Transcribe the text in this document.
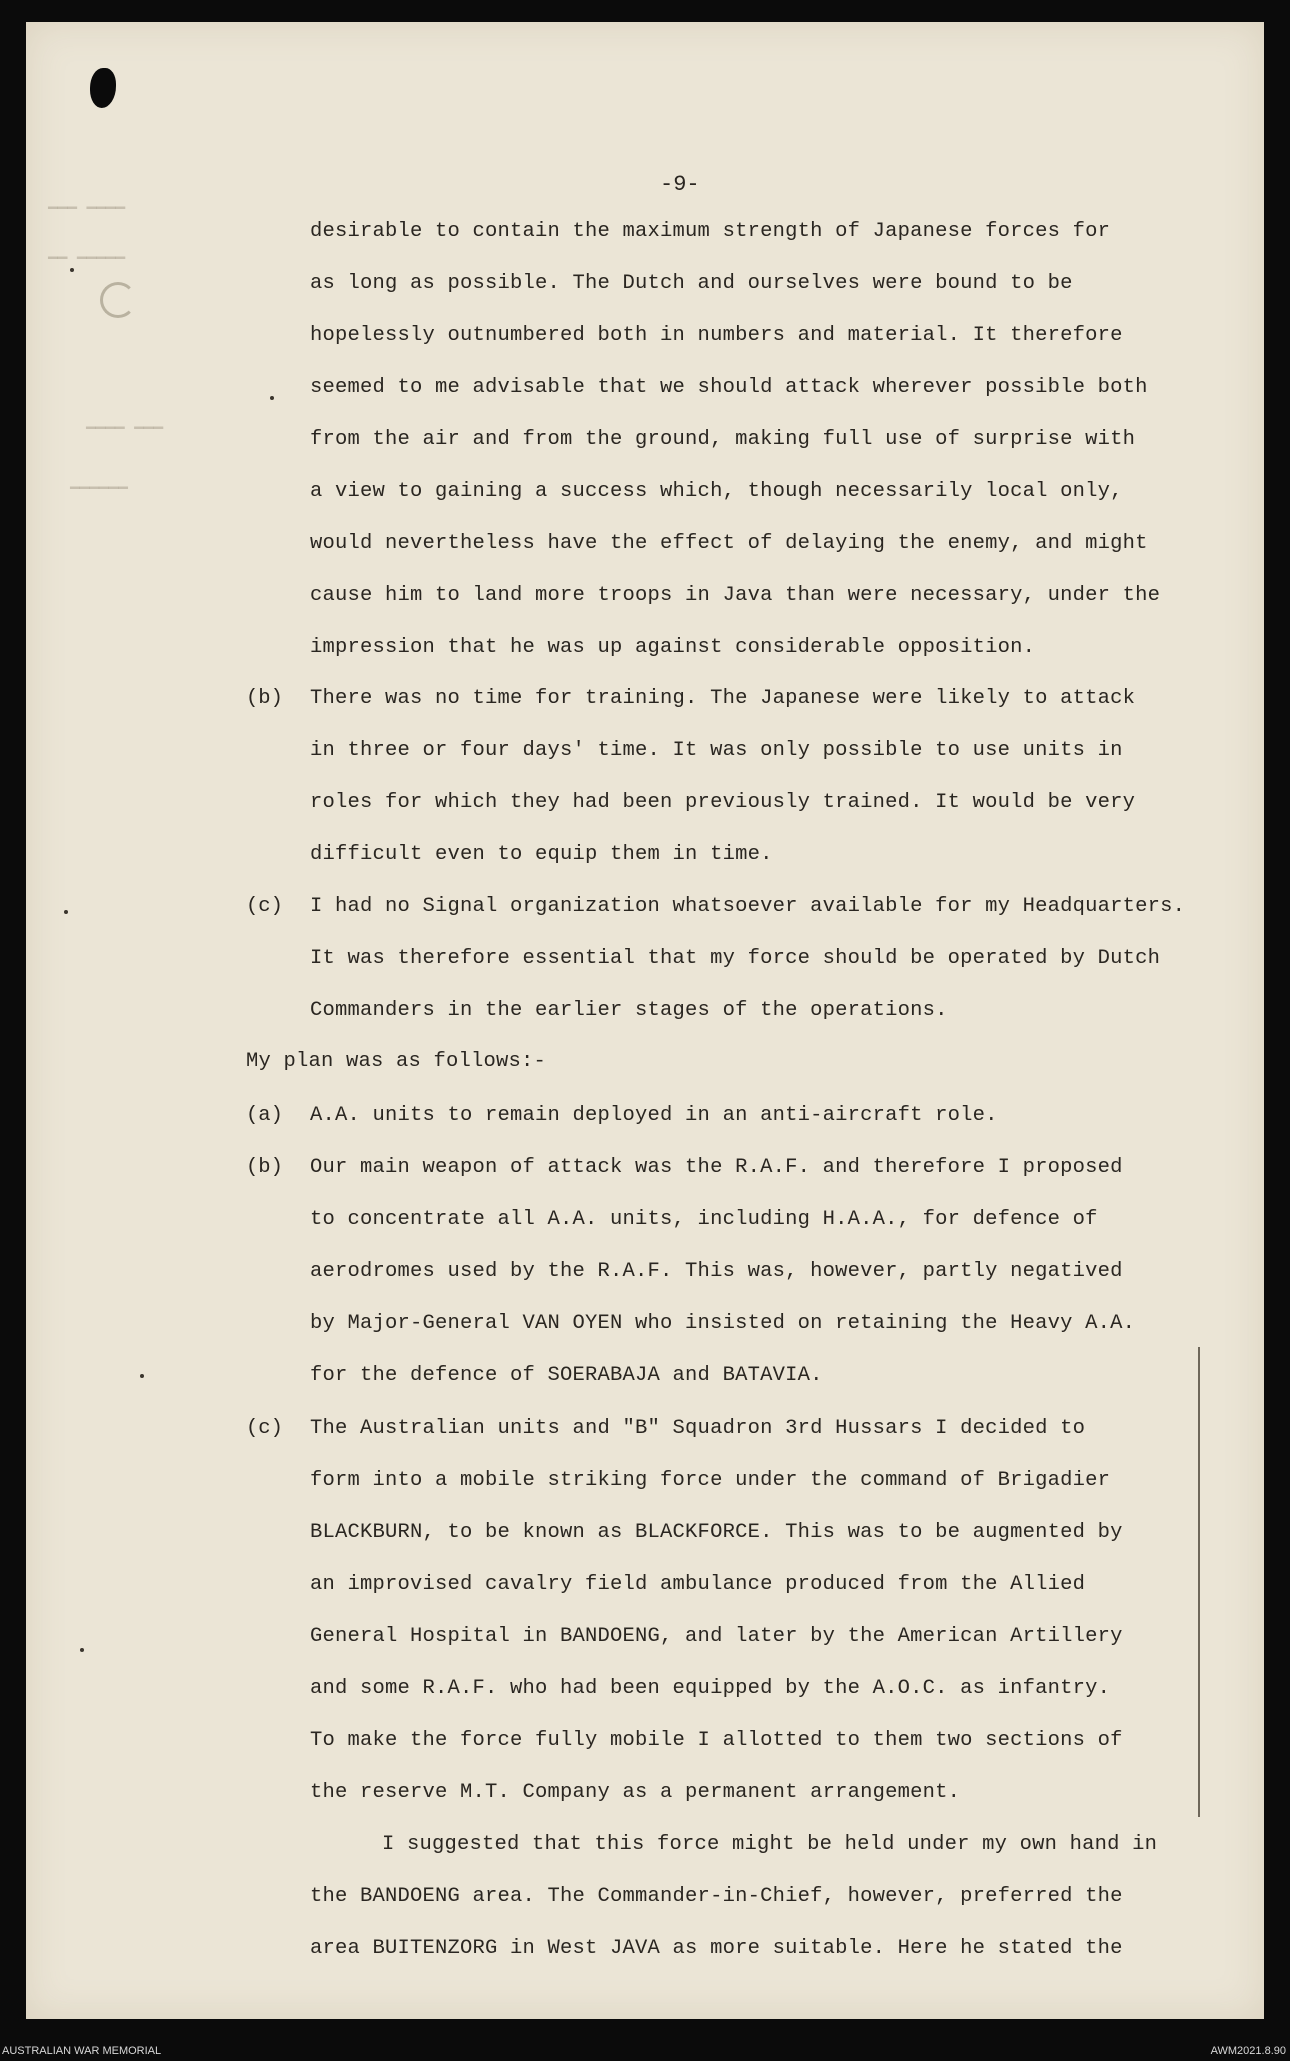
▁▁▁ ▁▁▁▁
▁▁ ▁▁▁▁▁
▁▁▁▁ ▁▁▁
▁▁▁▁▁▁
-9-
desirable to contain the maximum strength of Japanese forces for
as long as possible. The Dutch and ourselves were bound to be
hopelessly outnumbered both in numbers and material. It therefore
seemed to me advisable that we should attack wherever possible both
from the air and from the ground, making full use of surprise with
a view to gaining a success which, though necessarily local only,
would nevertheless have the effect of delaying the enemy, and might
cause him to land more troops in Java than were necessary, under the
impression that he was up against considerable opposition.
(b) There was no time for training. The Japanese were likely to attack
in three or four days' time. It was only possible to use units in
roles for which they had been previously trained. It would be very
difficult even to equip them in time.
(c) I had no Signal organization whatsoever available for my Headquarters.
It was therefore essential that my force should be operated by Dutch
Commanders in the earlier stages of the operations.
My plan was as follows:-
(a) A.A. units to remain deployed in an anti-aircraft role.
(b) Our main weapon of attack was the R.A.F. and therefore I proposed
to concentrate all A.A. units, including H.A.A., for defence of
aerodromes used by the R.A.F. This was, however, partly negatived
by Major-General VAN OYEN who insisted on retaining the Heavy A.A.
for the defence of SOERABAJA and BATAVIA.
(c) The Australian units and "B" Squadron 3rd Hussars I decided to
form into a mobile striking force under the command of Brigadier
BLACKBURN, to be known as BLACKFORCE. This was to be augmented by
an improvised cavalry field ambulance produced from the Allied
General Hospital in BANDOENG, and later by the American Artillery
and some R.A.F. who had been equipped by the A.O.C. as infantry.
To make the force fully mobile I allotted to them two sections of
the reserve M.T. Company as a permanent arrangement.
I suggested that this force might be held under my own hand in
the BANDOENG area. The Commander-in-Chief, however, preferred the
area BUITENZORG in West JAVA as more suitable. Here he stated the
AUSTRALIAN WAR MEMORIAL	AWM2021.8.90
